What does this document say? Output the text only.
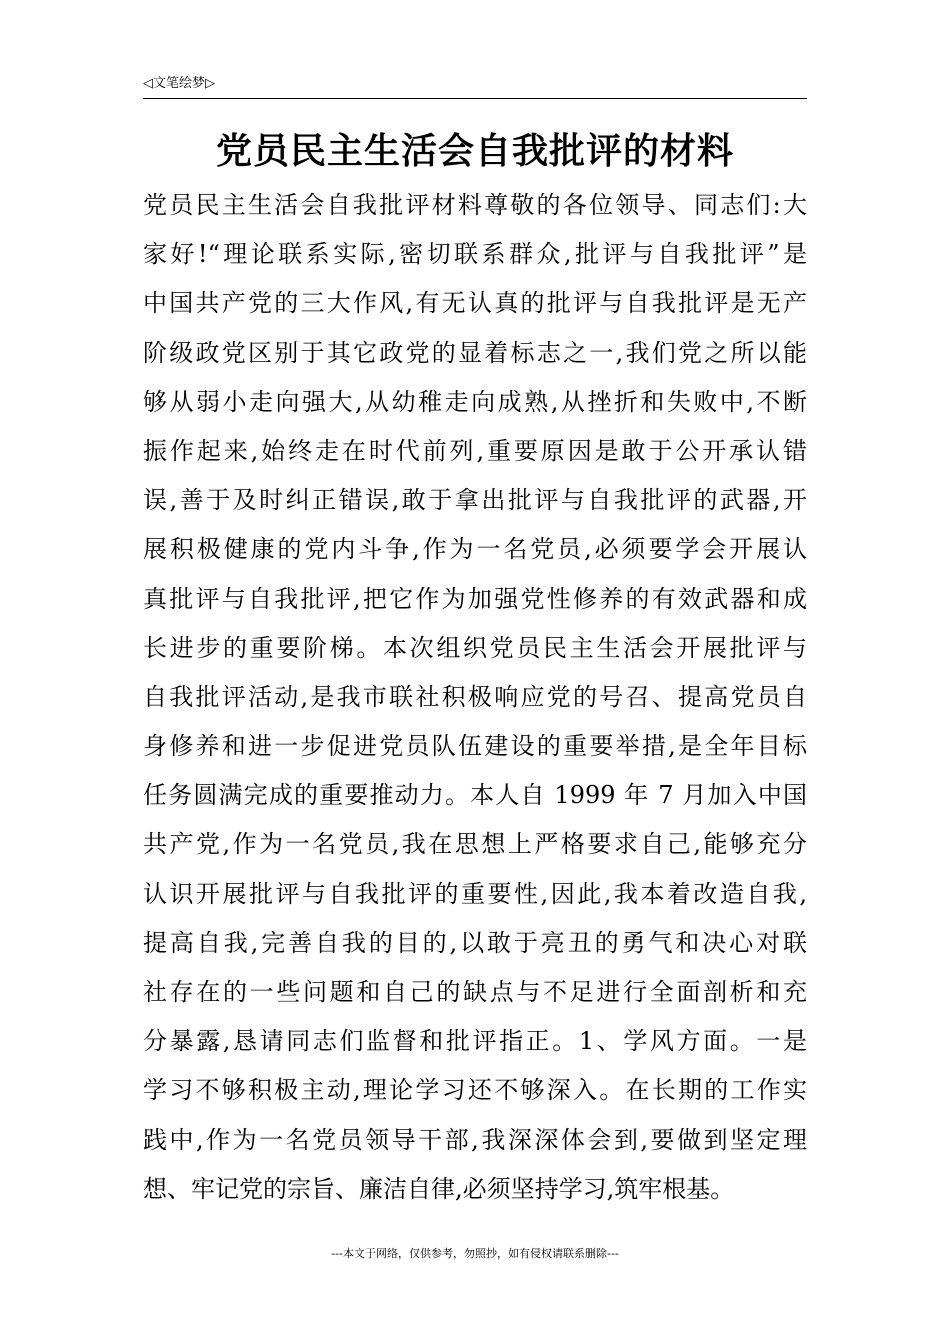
◁文笔绘梦▷
党员民主生活会自我批评的材料
党员民主生活会自我批评材料尊敬的各位领导、同志们:大
家好!“理论联系实际,密切联系群众,批评与自我批评”是
中国共产党的三大作风,有无认真的批评与自我批评是无产
阶级政党区别于其它政党的显着标志之一,我们党之所以能
够从弱小走向强大,从幼稚走向成熟,从挫折和失败中,不断
振作起来,始终走在时代前列,重要原因是敢于公开承认错
误,善于及时纠正错误,敢于拿出批评与自我批评的武器,开
展积极健康的党内斗争,作为一名党员,必须要学会开展认
真批评与自我批评,把它作为加强党性修养的有效武器和成
长进步的重要阶梯。本次组织党员民主生活会开展批评与
自我批评活动,是我市联社积极响应党的号召、提高党员自
身修养和进一步促进党员队伍建设的重要举措,是全年目标
任务圆满完成的重要推动力。本人自 1999 年 7 月加入中国
共产党,作为一名党员,我在思想上严格要求自己,能够充分
认识开展批评与自我批评的重要性,因此,我本着改造自我,
提高自我,完善自我的目的,以敢于亮丑的勇气和决心对联
社存在的一些问题和自己的缺点与不足进行全面剖析和充
分暴露,恳请同志们监督和批评指正。1、学风方面。一是
学习不够积极主动,理论学习还不够深入。在长期的工作实
践中,作为一名党员领导干部,我深深体会到,要做到坚定理
想、牢记党的宗旨、廉洁自律,必须坚持学习,筑牢根基。
---本文于网络，仅供参考，勿照抄，如有侵权请联系删除---
